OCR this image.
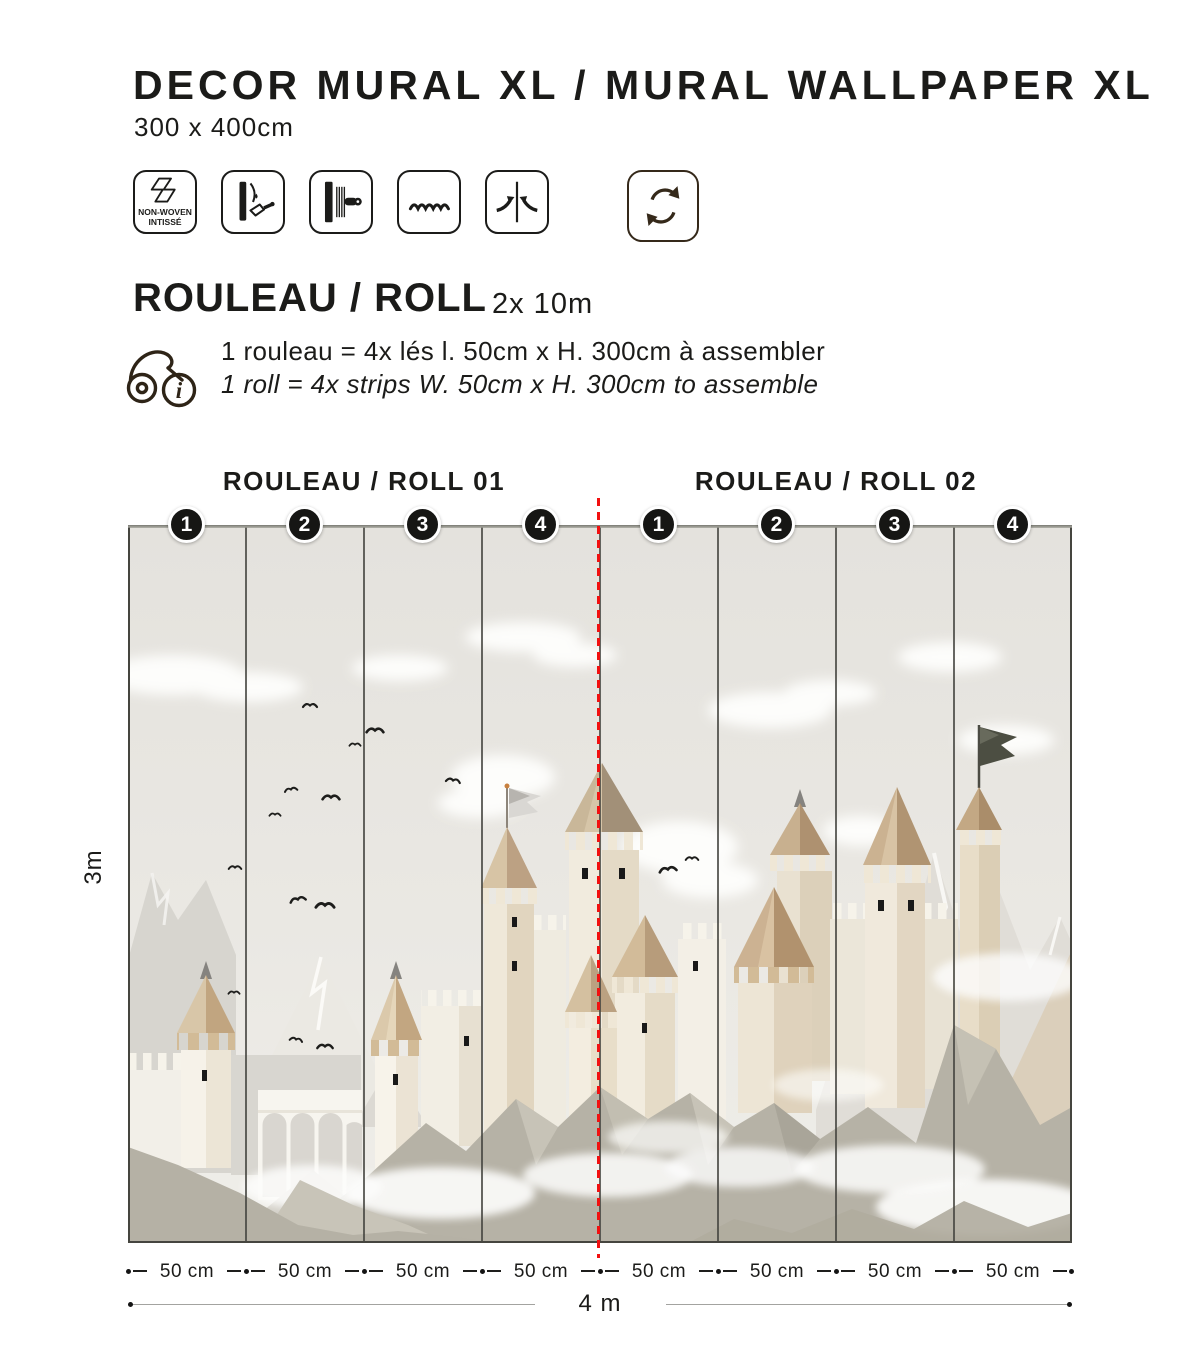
DECOR MURAL XL / MURAL WALLPAPER XL
300 x 400cm
NON-WOVEN
INTISSÉ
ROULEAU / ROLL 2x 10m
i
1 rouleau = 4x lés l. 50cm x H. 300cm à assembler
1 roll = 4x strips W. 50cm x H. 300cm to assemble
ROULEAU / ROLL 01	ROULEAU / ROLL 02
1	2	3	4	1	2	3	4
3m
50 cm	50 cm	50 cm	50 cm	50 cm	50 cm	50 cm	50 cm
4 m
